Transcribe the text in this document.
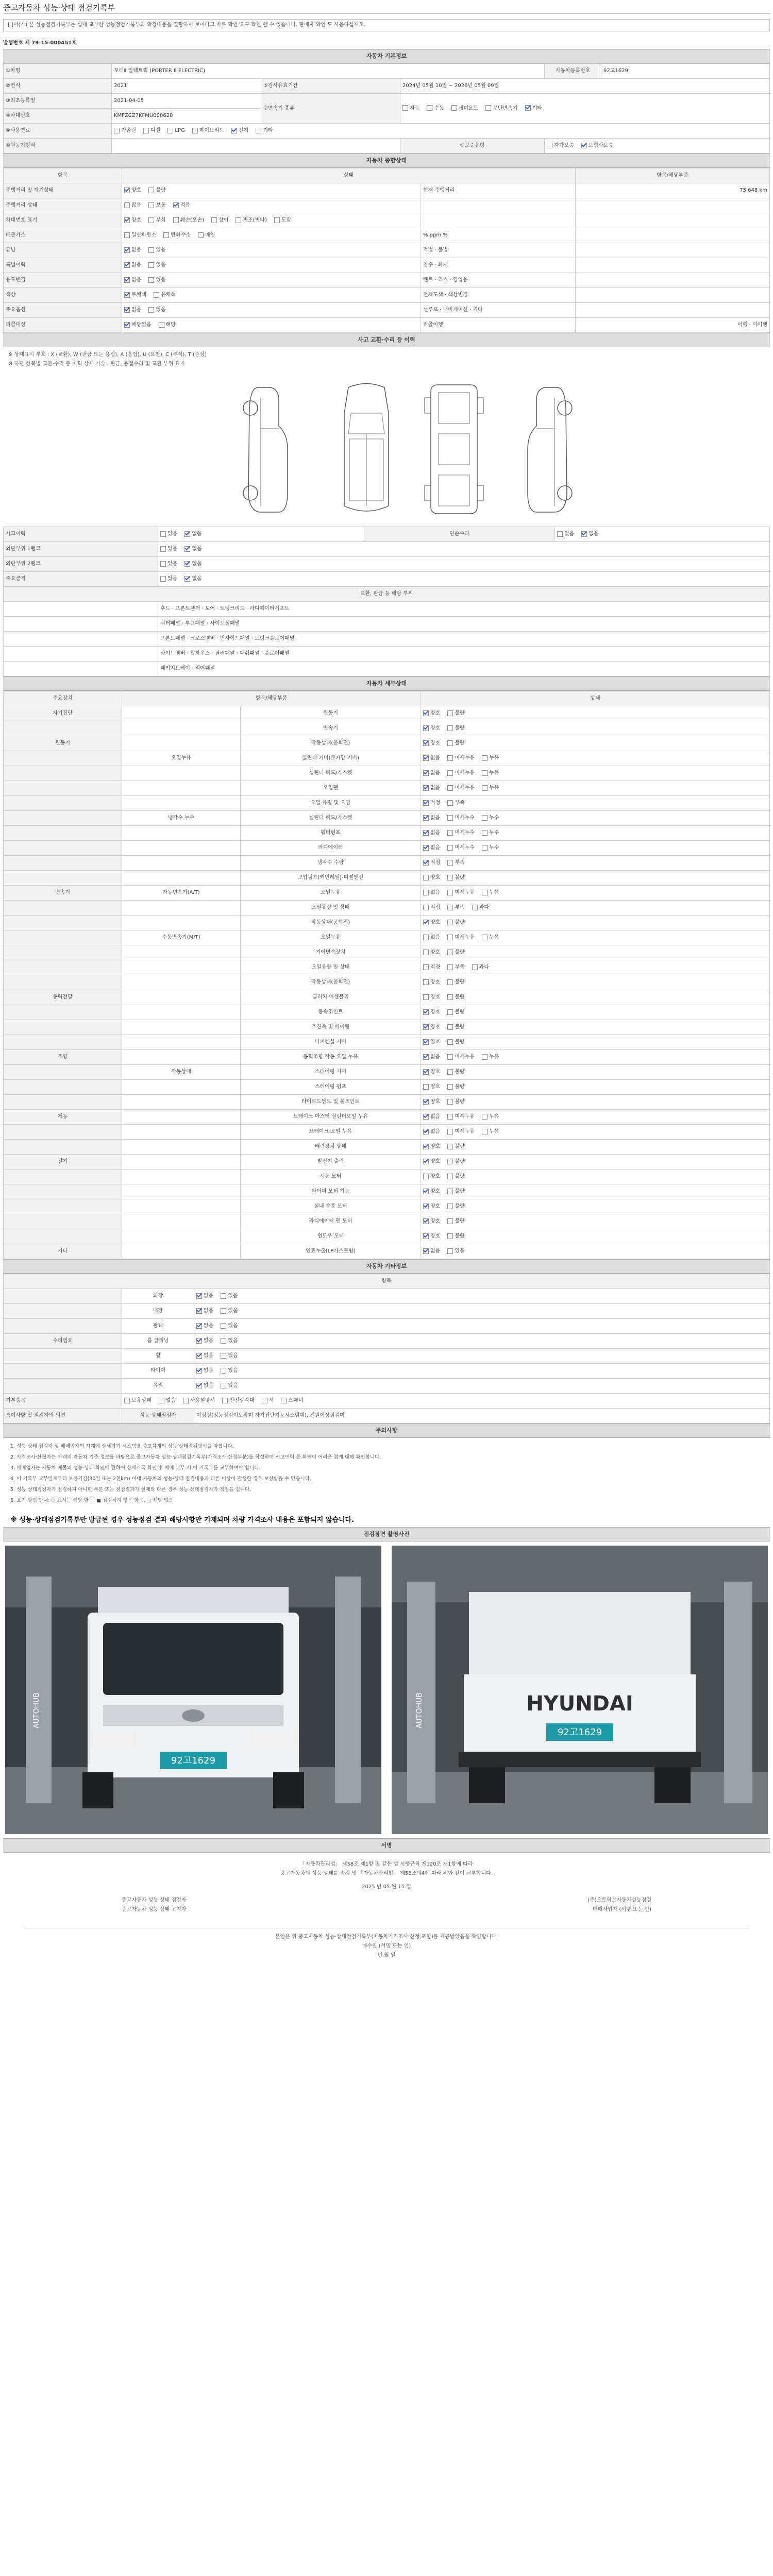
중고자동차 성능·상태 점검기록부
[ ]이(가) 본 성능점검기록부는 실제 교부한 성능점검기록부의 확정내용을 열람하시 보이다고 바로 확인 요구 확인 할 수 있습니다. 판매자 확인 도 사용하십시오.
발행번호 제 79-15-000451호
자동차 기본정보
①차명	포터Ⅱ 일렉트릭 (PORTER II ELECTRIC)			자동차등록번호	92고1629
②연식	2021	⑤검사유효기간	2024년 05월 10일 ~ 2026년 05월 09일		
③최초등록일	2021-04-05	⑦변속기 종류	자동 수동 세미오토 무단변속기 기타		
④차대번호	KMFZCZ7KFMU000620				
⑥사용연료	가솔린 디젤 LPG 하이브리드 전기 기타				
⑩원동기형식			⑨보증유형	자가보증 보험사보증	
자동차 종합상태
항목	상태		항목/해당부품
주행거리 및 계기상태	양호 불량	현재 주행거리	75,648 km
주행거리 상태	많음 보통 적음		
차대번호 표기	양호 부식 훼손(오손) 상이 변조(변타) 도말		
배출가스	일산화탄소 탄화수소 매연	% ppm %	
튜닝	없음 있음	적법 · 불법	
특별이력	없음 있음	침수 · 화재	
용도변경	없음 있음	렌트 · 리스 · 영업용	
색상	무채색 유채색	전체도색 · 색상변경	
주요옵션	없음 있음	선루프 · 내비게이션 · 기타	
리콜대상	해당없음 해당	리콜이행	이행 · 미이행
사고 교환·수리 등 이력
※ 상태표시 부호 : X (교환), W (판금 또는 용접), A (흠집), U (요철), C (부식), T (손상)
※ 하단 항목별 교환·수리 등 이력 상세 기술 : 판금, 용접수리 및 교환 부위 표기
사고이력	있음 없음	단순수리	있음 없음
외판부위 1랭크	있음 없음		
외판부위 2랭크	있음 없음		
주요골격	있음 없음		
교환, 판금 등 해당 부위			
	후드 · 프론트펜더 · 도어 · 트렁크리드 · 라디에이터서포트		
	쿼터패널 · 루프패널 · 사이드실패널		
	프론트패널 · 크로스멤버 · 인사이드패널 · 트렁크플로어패널		
	사이드멤버 · 휠하우스 · 필러패널 · 대쉬패널 · 플로어패널		
	패키지트레이 · 리어패널		
자동차 세부상태
주요장치	항목/해당부품		상태
자기진단		원동기	양호 불량
		변속기	양호 불량
원동기		작동상태(공회전)	양호 불량
	오일누유	실린더 커버(로커암 커버)	없음 미세누유 누유
		실린더 헤드/가스켓	없음 미세누유 누유
		오일팬	없음 미세누유 누유
		오일 유량 및 오염	적정 부족
	냉각수 누수	실린더 헤드/가스켓	없음 미세누수 누수
		워터펌프	없음 미세누수 누수
		라디에이터	없음 미세누수 누수
		냉각수 수량	적정 부족
		고압펌프(커먼레일)-디젤엔진	양호 불량
변속기	자동변속기(A/T)	오일누유	없음 미세누유 누유
		오일유량 및 상태	적정 부족 과다
		작동상태(공회전)	양호 불량
	수동변속기(M/T)	오일누유	없음 미세누유 누유
		기어변속장치	양호 불량
		오일유량 및 상태	적정 부족 과다
		작동상태(공회전)	양호 불량
동력전달		클러치 어셈블리	양호 불량
		등속조인트	양호 불량
		추진축 및 베어링	양호 불량
		디퍼렌셜 기어	양호 불량
조향		동력조향 작동 오일 누유	없음 미세누유 누유
	작동상태	스티어링 기어	양호 불량
		스티어링 펌프	양호 불량
		타이로드엔드 및 볼조인트	양호 불량
제동		브레이크 마스터 실린더오일 누유	없음 미세누유 누유
		브레이크 오일 누유	없음 미세누유 누유
		배력장치 상태	양호 불량
전기		발전기 출력	양호 불량
		시동 모터	양호 불량
		와이퍼 모터 기능	양호 불량
		실내 송풍 모터	양호 불량
		라디에이터 팬 모터	양호 불량
		윈도우 모터	양호 불량
기타		연료누출(LP가스포함)	없음 있음
자동차 기타정보
항목		
	외장	없음 있음
	내장	없음 있음
	광택	없음 있음
수리필요	룸 클리닝	없음 있음
	휠	없음 있음
	타이어	없음 있음
	유리	없음 있음
기본품목	보유상태 없음 사용설명서 안전삼각대 잭 스패너	
특이사항 및 점검자의 의견	성능·상태점검자	미점검(성능점검이도장미 자기진단기능시스템미), 전원이상점검미
주의사항

1. 성능·상태 점검자 및 매매업자의 가계에 상세기기 시스템별 중고차개의 성능·상태점검방식을 따릅니다.

2. 가격조사·산정자는 아래의 자동차 기준 정보를 바탕으로 중고자동차 성능·상태점검기록부(가격조사·산정부분)를 작성하며 사고이력 등 확인이 어려운 점에 대해 확인합니다.

3. 매매업자는 자동차 매물의 성능·상태 확인에 관하여 상세기록 확인 후 매매 교부 시 이 기록부를 교부하여야 합니다.

4. 이 기록부 교부일로부터 보증기간(30일 또는 2천km) 이내 자동차의 성능·상태 점검내용과 다른 이상이 발생한 경우 보상받을 수 있습니다.

5. 성능·상태점검자가 점검하지 아니한 부분 또는 점검결과가 실제와 다른 경우 성능·상태점검자가 책임을 집니다.

6. 표기 방법 안내: ○ 표시는 해당 항목, ■ 점검하지 않은 항목, □ 해당 없음

※ 성능·상태점검기록부만 발급된 경우 성능점검 결과 해당사항만 기재되며 차량 가격조사 내용은 포함되지 않습니다.
점검장면 촬영사진
92고1629
AUTOHUB	HYUNDAI
92고1629
AUTOHUB
서명
「자동차관리법」 제58조 제1항 및 같은 법 시행규칙 제120조 제1항에 따라
중고자동차의 성능·상태를 점검 및 「자동차관리법」 제58조의4에 따라 위와 같이 교부합니다.
2025 년 05 월 15 일
중고자동차 성능·상태 점검자	(주)오토허브자동차성능점검
중고자동차 성능·상태 고지자	매매사업자 (서명 또는 인)
본인은 위 중고자동차 성능·상태점검기록부(자동차가격조사·산정 포함)를 제공받았음을 확인합니다.
매수인 (서명 또는 인)
년 월 일
